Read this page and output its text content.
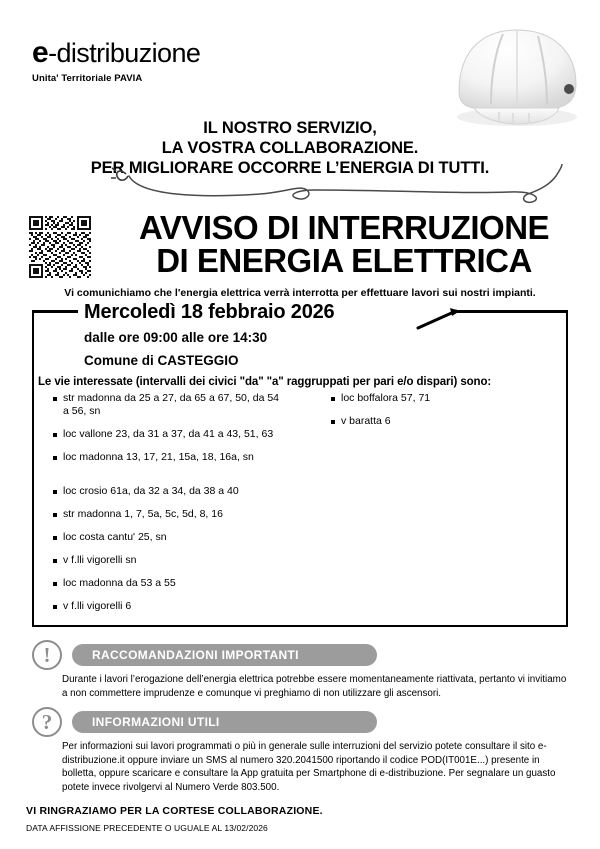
e-distribuzione
Unita' Territoriale PAVIA
IL NOSTRO SERVIZIO,
LA VOSTRA COLLABORAZIONE.
PER MIGLIORARE OCCORRE L’ENERGIA DI TUTTI.
AVVISO DI INTERRUZIONE
DI ENERGIA ELETTRICA
Vi comunichiamo che l'energia elettrica verrà interrotta per effettuare lavori sui nostri impianti.
Mercoledì 18 febbraio 2026
dalle ore 09:00 alle ore 14:30
Comune di CASTEGGIO
Le vie interessate (intervalli dei civici "da" "a" raggruppati per pari e/o dispari) sono:
str madonna da 25 a 27, da 65 a 67, 50, da 54 a 56, sn
loc vallone 23, da 31 a 37, da 41 a 43, 51, 63
loc madonna 13, 17, 21, 15a, 18, 16a, sn
loc crosio 61a, da 32 a 34, da 38 a 40
str madonna 1, 7, 5a, 5c, 5d, 8, 16
loc costa cantu' 25, sn
v f.lli vigorelli sn
loc madonna da 53 a 55
v f.lli vigorelli 6
loc boffalora 57, 71
v baratta 6
!	RACCOMANDAZIONI IMPORTANTI
Durante i lavori l’erogazione dell’energia elettrica potrebbe essere momentaneamente riattivata, pertanto vi invitiamo a non commettere imprudenze e comunque vi preghiamo di non utilizzare gli ascensori.
?	INFORMAZIONI UTILI
Per informazioni sui lavori programmati o più in generale sulle interruzioni del servizio potete consultare il sito e-distribuzione.it oppure inviare un SMS al numero 320.2041500 riportando il codice POD(IT001E...) presente in bolletta, oppure scaricare e consultare la App gratuita per Smartphone di e-distribuzione. Per segnalare un guasto potete invece rivolgervi al Numero Verde 803.500.
VI RINGRAZIAMO PER LA CORTESE COLLABORAZIONE.
DATA AFFISSIONE PRECEDENTE O UGUALE AL 13/02/2026
